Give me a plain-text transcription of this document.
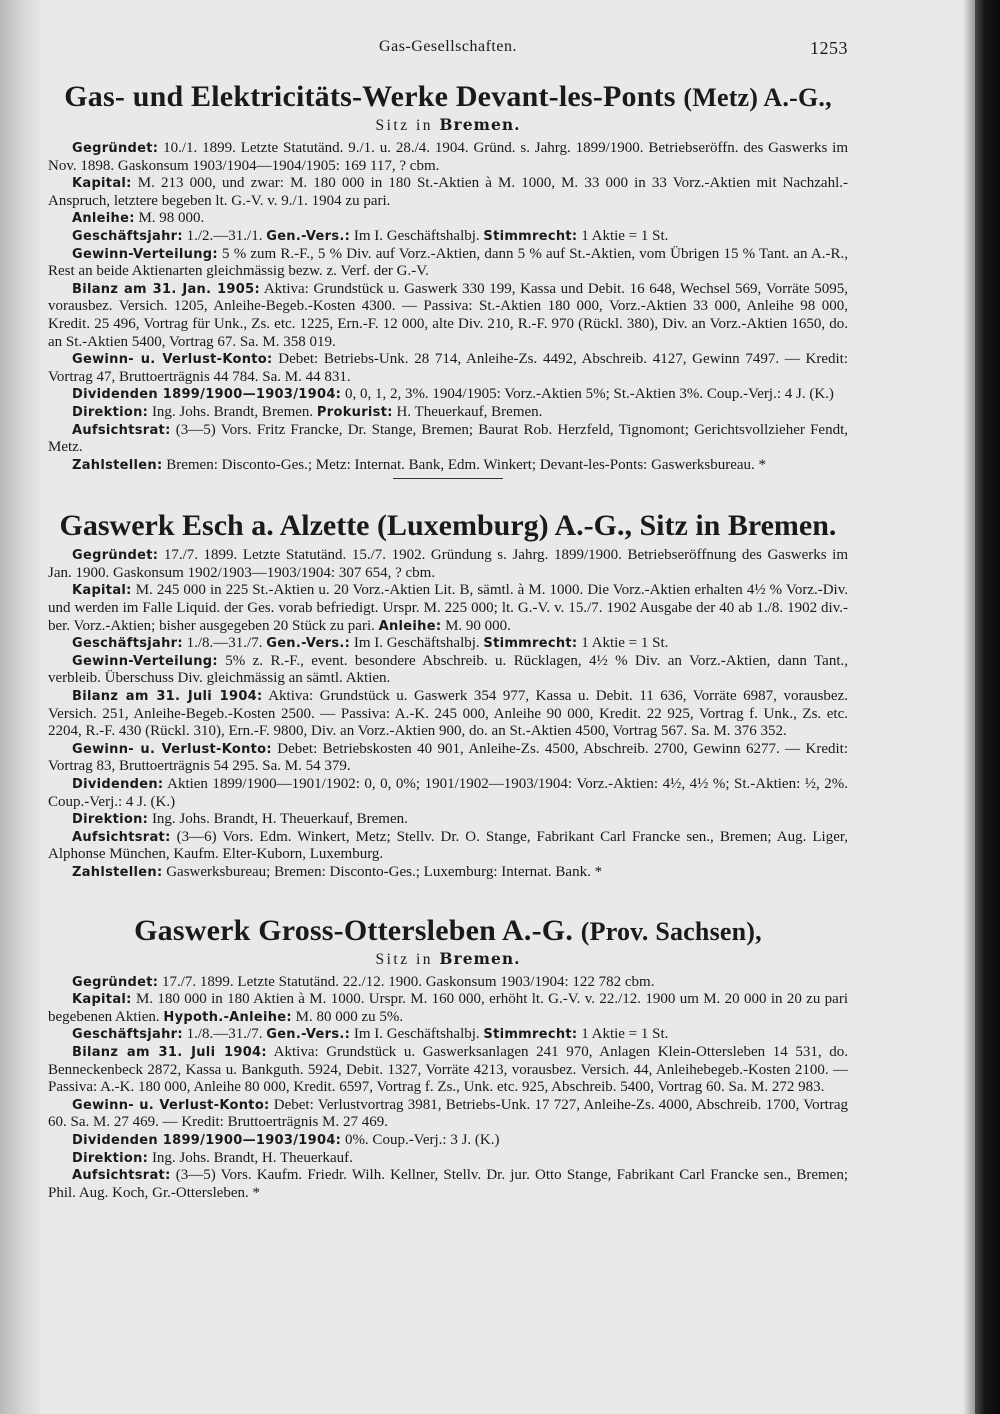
Gas-Gesellschaften.	1253
Gas- und Elektricitäts-Werke Devant-les-Ponts (Metz) A.-G.,
Sitz in Bremen.

Gegründet: 10./1. 1899. Letzte Statutänd. 9./1. u. 28./4. 1904. Gründ. s. Jahrg. 1899/1900. Betriebseröffn. des Gaswerks im Nov. 1898. Gaskonsum 1903/1904—1904/1905: 169 117, ? cbm.

Kapital: M. 213 000, und zwar: M. 180 000 in 180 St.-Aktien à M. 1000, M. 33 000 in 33 Vorz.-Aktien mit Nachzahl.-Anspruch, letztere begeben lt. G.-V. v. 9./1. 1904 zu pari.

Anleihe: M. 98 000.

Geschäftsjahr: 1./2.—31./1. Gen.-Vers.: Im I. Geschäftshalbj. Stimmrecht: 1 Aktie = 1 St.

Gewinn-Verteilung: 5 % zum R.-F., 5 % Div. auf Vorz.-Aktien, dann 5 % auf St.-Aktien, vom Übrigen 15 % Tant. an A.-R., Rest an beide Aktienarten gleichmässig bezw. z. Verf. der G.-V.

Bilanz am 31. Jan. 1905: Aktiva: Grundstück u. Gaswerk 330 199, Kassa und Debit. 16 648, Wechsel 569, Vorräte 5095, vorausbez. Versich. 1205, Anleihe-Begeb.-Kosten 4300. — Passiva: St.-Aktien 180 000, Vorz.-Aktien 33 000, Anleihe 98 000, Kredit. 25 496, Vortrag für Unk., Zs. etc. 1225, Ern.-F. 12 000, alte Div. 210, R.-F. 970 (Rückl. 380), Div. an Vorz.-Aktien 1650, do. an St.-Aktien 5400, Vortrag 67. Sa. M. 358 019.

Gewinn- u. Verlust-Konto: Debet: Betriebs-Unk. 28 714, Anleihe-Zs. 4492, Abschreib. 4127, Gewinn 7497. — Kredit: Vortrag 47, Bruttoerträgnis 44 784. Sa. M. 44 831.

Dividenden 1899/1900—1903/1904: 0, 0, 1, 2, 3%. 1904/1905: Vorz.-Aktien 5%; St.-Aktien 3%. Coup.-Verj.: 4 J. (K.)

Direktion: Ing. Johs. Brandt, Bremen. Prokurist: H. Theuerkauf, Bremen.

Aufsichtsrat: (3—5) Vors. Fritz Francke, Dr. Stange, Bremen; Baurat Rob. Herzfeld, Tignomont; Gerichtsvollzieher Fendt, Metz.

Zahlstellen: Bremen: Disconto-Ges.; Metz: Internat. Bank, Edm. Winkert; Devant-les-Ponts: Gaswerksbureau. *

Gaswerk Esch a. Alzette (Luxemburg) A.-G., Sitz in Bremen.

Gegründet: 17./7. 1899. Letzte Statutänd. 15./7. 1902. Gründung s. Jahrg. 1899/1900. Betriebseröffnung des Gaswerks im Jan. 1900. Gaskonsum 1902/1903—1903/1904: 307 654, ? cbm.

Kapital: M. 245 000 in 225 St.-Aktien u. 20 Vorz.-Aktien Lit. B, sämtl. à M. 1000. Die Vorz.-Aktien erhalten 4½ % Vorz.-Div. und werden im Falle Liquid. der Ges. vorab befriedigt. Urspr. M. 225 000; lt. G.-V. v. 15./7. 1902 Ausgabe der 40 ab 1./8. 1902 div.-ber. Vorz.-Aktien; bisher ausgegeben 20 Stück zu pari. Anleihe: M. 90 000.

Geschäftsjahr: 1./8.—31./7. Gen.-Vers.: Im I. Geschäftshalbj. Stimmrecht: 1 Aktie = 1 St.

Gewinn-Verteilung: 5% z. R.-F., event. besondere Abschreib. u. Rücklagen, 4½ % Div. an Vorz.-Aktien, dann Tant., verbleib. Überschuss Div. gleichmässig an sämtl. Aktien.

Bilanz am 31. Juli 1904: Aktiva: Grundstück u. Gaswerk 354 977, Kassa u. Debit. 11 636, Vorräte 6987, vorausbez. Versich. 251, Anleihe-Begeb.-Kosten 2500. — Passiva: A.-K. 245 000, Anleihe 90 000, Kredit. 22 925, Vortrag f. Unk., Zs. etc. 2204, R.-F. 430 (Rückl. 310), Ern.-F. 9800, Div. an Vorz.-Aktien 900, do. an St.-Aktien 4500, Vortrag 567. Sa. M. 376 352.

Gewinn- u. Verlust-Konto: Debet: Betriebskosten 40 901, Anleihe-Zs. 4500, Abschreib. 2700, Gewinn 6277. — Kredit: Vortrag 83, Bruttoerträgnis 54 295. Sa. M. 54 379.

Dividenden: Aktien 1899/1900—1901/1902: 0, 0, 0%; 1901/1902—1903/1904: Vorz.-Aktien: 4½, 4½ %; St.-Aktien: ½, 2%. Coup.-Verj.: 4 J. (K.)

Direktion: Ing. Johs. Brandt, H. Theuerkauf, Bremen.

Aufsichtsrat: (3—6) Vors. Edm. Winkert, Metz; Stellv. Dr. O. Stange, Fabrikant Carl Francke sen., Bremen; Aug. Liger, Alphonse München, Kaufm. Elter-Kuborn, Luxemburg.

Zahlstellen: Gaswerksbureau; Bremen: Disconto-Ges.; Luxemburg: Internat. Bank. *

Gaswerk Gross-Ottersleben A.-G. (Prov. Sachsen),
Sitz in Bremen.

Gegründet: 17./7. 1899. Letzte Statutänd. 22./12. 1900. Gaskonsum 1903/1904: 122 782 cbm.

Kapital: M. 180 000 in 180 Aktien à M. 1000. Urspr. M. 160 000, erhöht lt. G.-V. v. 22./12. 1900 um M. 20 000 in 20 zu pari begebenen Aktien. Hypoth.-Anleihe: M. 80 000 zu 5%.

Geschäftsjahr: 1./8.—31./7. Gen.-Vers.: Im I. Geschäftshalbj. Stimmrecht: 1 Aktie = 1 St.

Bilanz am 31. Juli 1904: Aktiva: Grundstück u. Gaswerksanlagen 241 970, Anlagen Klein-Ottersleben 14 531, do. Benneckenbeck 2872, Kassa u. Bankguth. 5924, Debit. 1327, Vorräte 4213, vorausbez. Versich. 44, Anleihebegeb.-Kosten 2100. — Passiva: A.-K. 180 000, Anleihe 80 000, Kredit. 6597, Vortrag f. Zs., Unk. etc. 925, Abschreib. 5400, Vortrag 60. Sa. M. 272 983.

Gewinn- u. Verlust-Konto: Debet: Verlustvortrag 3981, Betriebs-Unk. 17 727, Anleihe-Zs. 4000, Abschreib. 1700, Vortrag 60. Sa. M. 27 469. — Kredit: Bruttoerträgnis M. 27 469.

Dividenden 1899/1900—1903/1904: 0%. Coup.-Verj.: 3 J. (K.)

Direktion: Ing. Johs. Brandt, H. Theuerkauf.

Aufsichtsrat: (3—5) Vors. Kaufm. Friedr. Wilh. Kellner, Stellv. Dr. jur. Otto Stange, Fabrikant Carl Francke sen., Bremen; Phil. Aug. Koch, Gr.-Ottersleben. *
